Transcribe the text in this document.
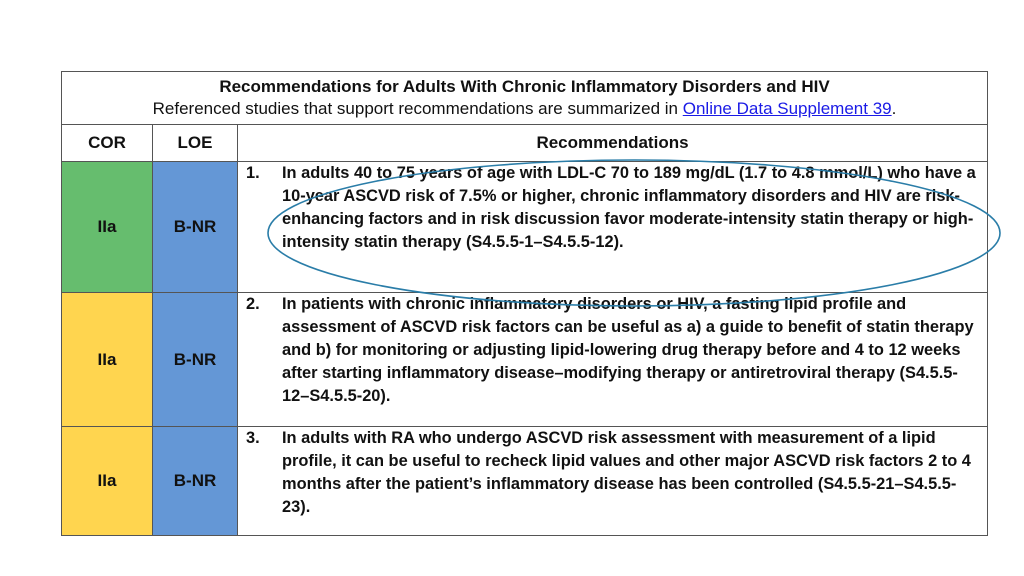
Recommendations for Adults With Chronic Inflammatory Disorders and HIV
Referenced studies that support recommendations are summarized in Online Data Supplement 39.		

COR	LOE	Recommendations
IIa	B-NR	1. In adults 40 to 75 years of age with LDL-C 70 to 189 mg/dL (1.7 to 4.8 mmol/L) who have a 10-year ASCVD risk of 7.5% or higher, chronic inflammatory disorders and HIV are risk-enhancing factors and in risk discussion favor moderate-intensity statin therapy or high-intensity statin therapy (S4.5.5-1–S4.5.5-12).

IIa	B-NR	2. In patients with chronic inflammatory disorders or HIV, a fasting lipid profile and assessment of ASCVD risk factors can be useful as a) a guide to benefit of statin therapy and b) for monitoring or adjusting lipid-lowering drug therapy before and 4 to 12 weeks after starting inflammatory disease–modifying therapy or antiretroviral therapy (S4.5.5-12–S4.5.5-20).

IIa	B-NR	3. In adults with RA who undergo ASCVD risk assessment with measurement of a lipid profile, it can be useful to recheck lipid values and other major ASCVD risk factors 2 to 4 months after the patient’s inflammatory disease has been controlled (S4.5.5-21–S4.5.5-23).
